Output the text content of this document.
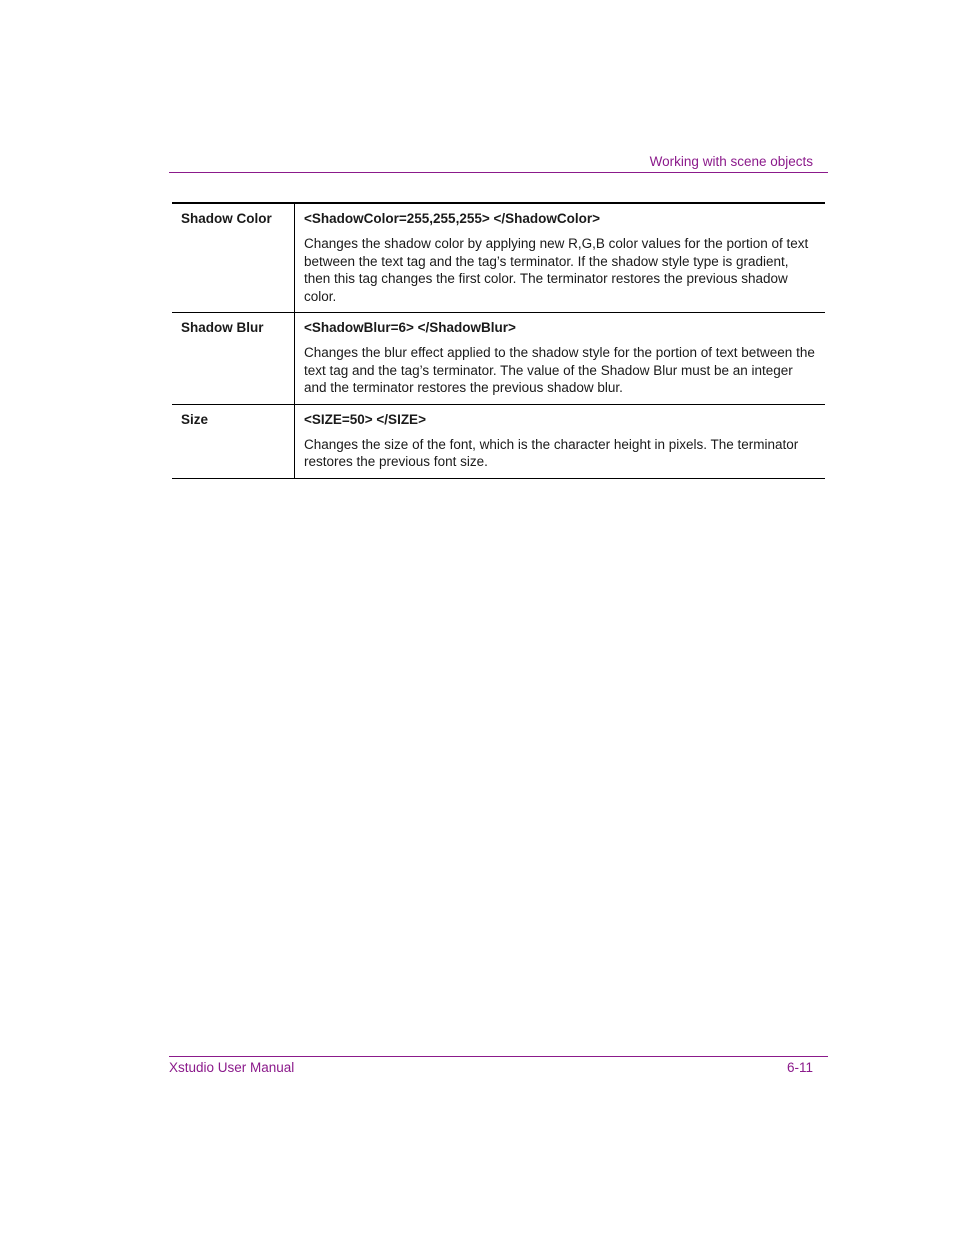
Working with scene objects
Shadow Color	<ShadowColor=255,255,255> </ShadowColor>
Changes the shadow color by applying new R,G,B color values for the portion of text between the text tag and the tag’s terminator. If the shadow style type is gradient, then this tag changes the first color. The terminator restores the previous shadow color.

Shadow Blur	<ShadowBlur=6> </ShadowBlur>
Changes the blur effect applied to the shadow style for the portion of text between the text tag and the tag’s terminator. The value of the Shadow Blur must be an integer and the terminator restores the previous shadow blur.

Size	<SIZE=50> </SIZE>
Changes the size of the font, which is the character height in pixels. The terminator restores the previous font size.
Xstudio User Manual	6-11
